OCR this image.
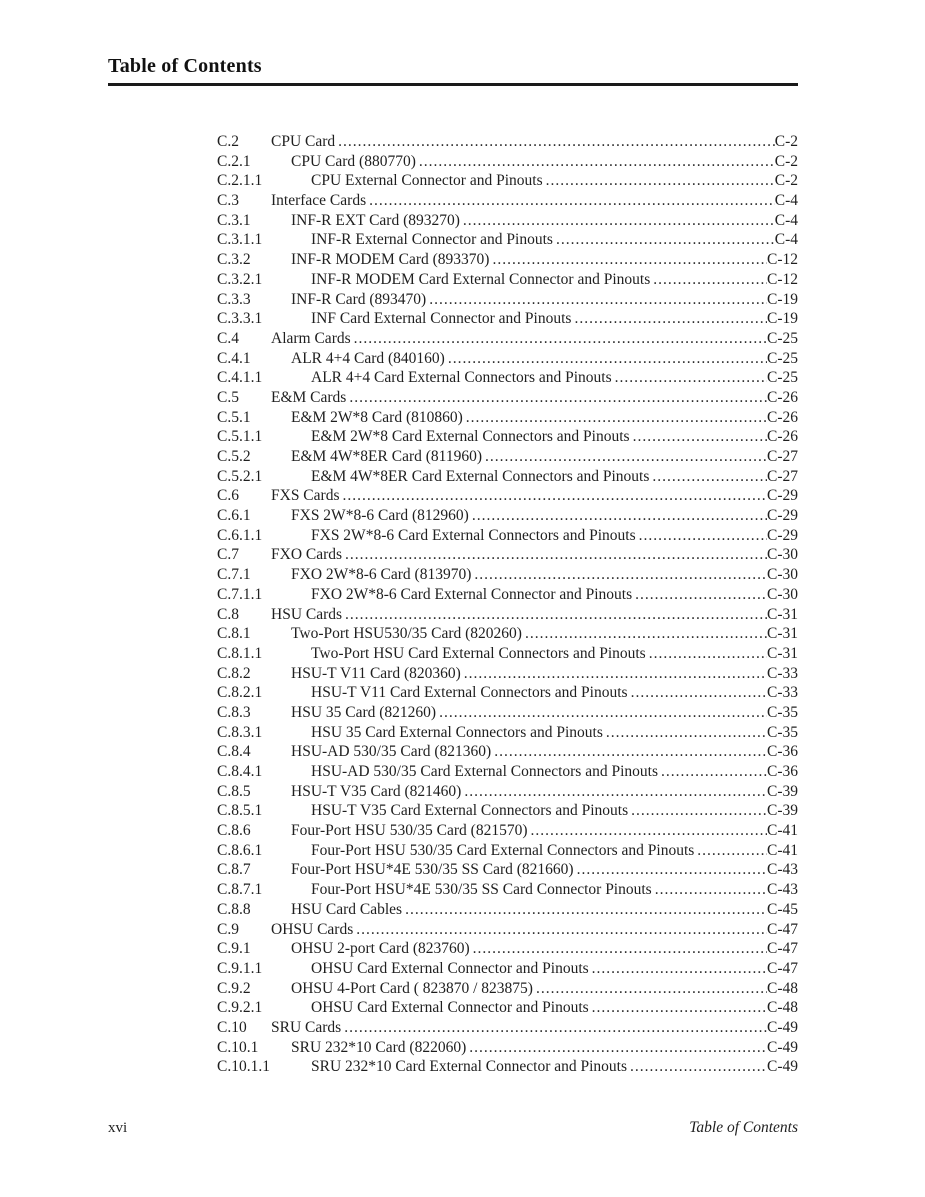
Table of Contents
C.2	CPU Card .....	C-2
C.2.1	CPU Card (880770) .....	C-2
C.2.1.1	CPU External Connector and Pinouts .....	C-2
C.3	Interface Cards .....	C-4
C.3.1	INF-R EXT Card (893270) .....	C-4
C.3.1.1	INF-R External Connector and Pinouts .....	C-4
C.3.2	INF-R MODEM Card (893370) .....	C-12
C.3.2.1	INF-R MODEM Card External Connector and Pinouts .....	C-12
C.3.3	INF-R Card (893470) .....	C-19
C.3.3.1	INF Card External Connector and Pinouts .....	C-19
C.4	Alarm Cards .....	C-25
C.4.1	ALR 4+4 Card (840160) .....	C-25
C.4.1.1	ALR 4+4 Card External Connectors and Pinouts .....	C-25
C.5	E&M Cards .....	C-26
C.5.1	E&M 2W*8 Card (810860) .....	C-26
C.5.1.1	E&M 2W*8 Card External Connectors and Pinouts .....	C-26
C.5.2	E&M 4W*8ER Card (811960) .....	C-27
C.5.2.1	E&M 4W*8ER Card External Connectors and Pinouts .....	C-27
C.6	FXS Cards .....	C-29
C.6.1	FXS 2W*8-6 Card (812960) .....	C-29
C.6.1.1	FXS 2W*8-6 Card External Connectors and Pinouts .....	C-29
C.7	FXO Cards .....	C-30
C.7.1	FXO 2W*8-6 Card (813970) .....	C-30
C.7.1.1	FXO 2W*8-6 Card External Connector and Pinouts .....	C-30
C.8	HSU Cards .....	C-31
C.8.1	Two-Port HSU530/35 Card (820260) .....	C-31
C.8.1.1	Two-Port HSU Card External Connectors and Pinouts .....	C-31
C.8.2	HSU-T V11 Card (820360) .....	C-33
C.8.2.1	HSU-T V11 Card External Connectors and Pinouts .....	C-33
C.8.3	HSU 35 Card (821260) .....	C-35
C.8.3.1	HSU 35 Card External Connectors and Pinouts .....	C-35
C.8.4	HSU-AD 530/35 Card (821360) .....	C-36
C.8.4.1	HSU-AD 530/35 Card External Connectors and Pinouts .....	C-36
C.8.5	HSU-T V35 Card (821460) .....	C-39
C.8.5.1	HSU-T V35 Card External Connectors and Pinouts .....	C-39
C.8.6	Four-Port HSU 530/35 Card (821570) .....	C-41
C.8.6.1	Four-Port HSU 530/35 Card External Connectors and Pinouts .....	C-41
C.8.7	Four-Port HSU*4E 530/35 SS Card (821660) .....	C-43
C.8.7.1	Four-Port HSU*4E 530/35 SS Card Connector Pinouts .....	C-43
C.8.8	HSU Card Cables .....	C-45
C.9	OHSU Cards .....	C-47
C.9.1	OHSU 2-port Card (823760) .....	C-47
C.9.1.1	OHSU Card External Connector and Pinouts .....	C-47
C.9.2	OHSU 4-Port Card ( 823870 / 823875) .....	C-48
C.9.2.1	OHSU Card External Connector and Pinouts .....	C-48
C.10	SRU Cards .....	C-49
C.10.1	SRU 232*10 Card (822060) .....	C-49
C.10.1.1	SRU 232*10 Card External Connector and Pinouts .....	C-49
xvi	Table of Contents
